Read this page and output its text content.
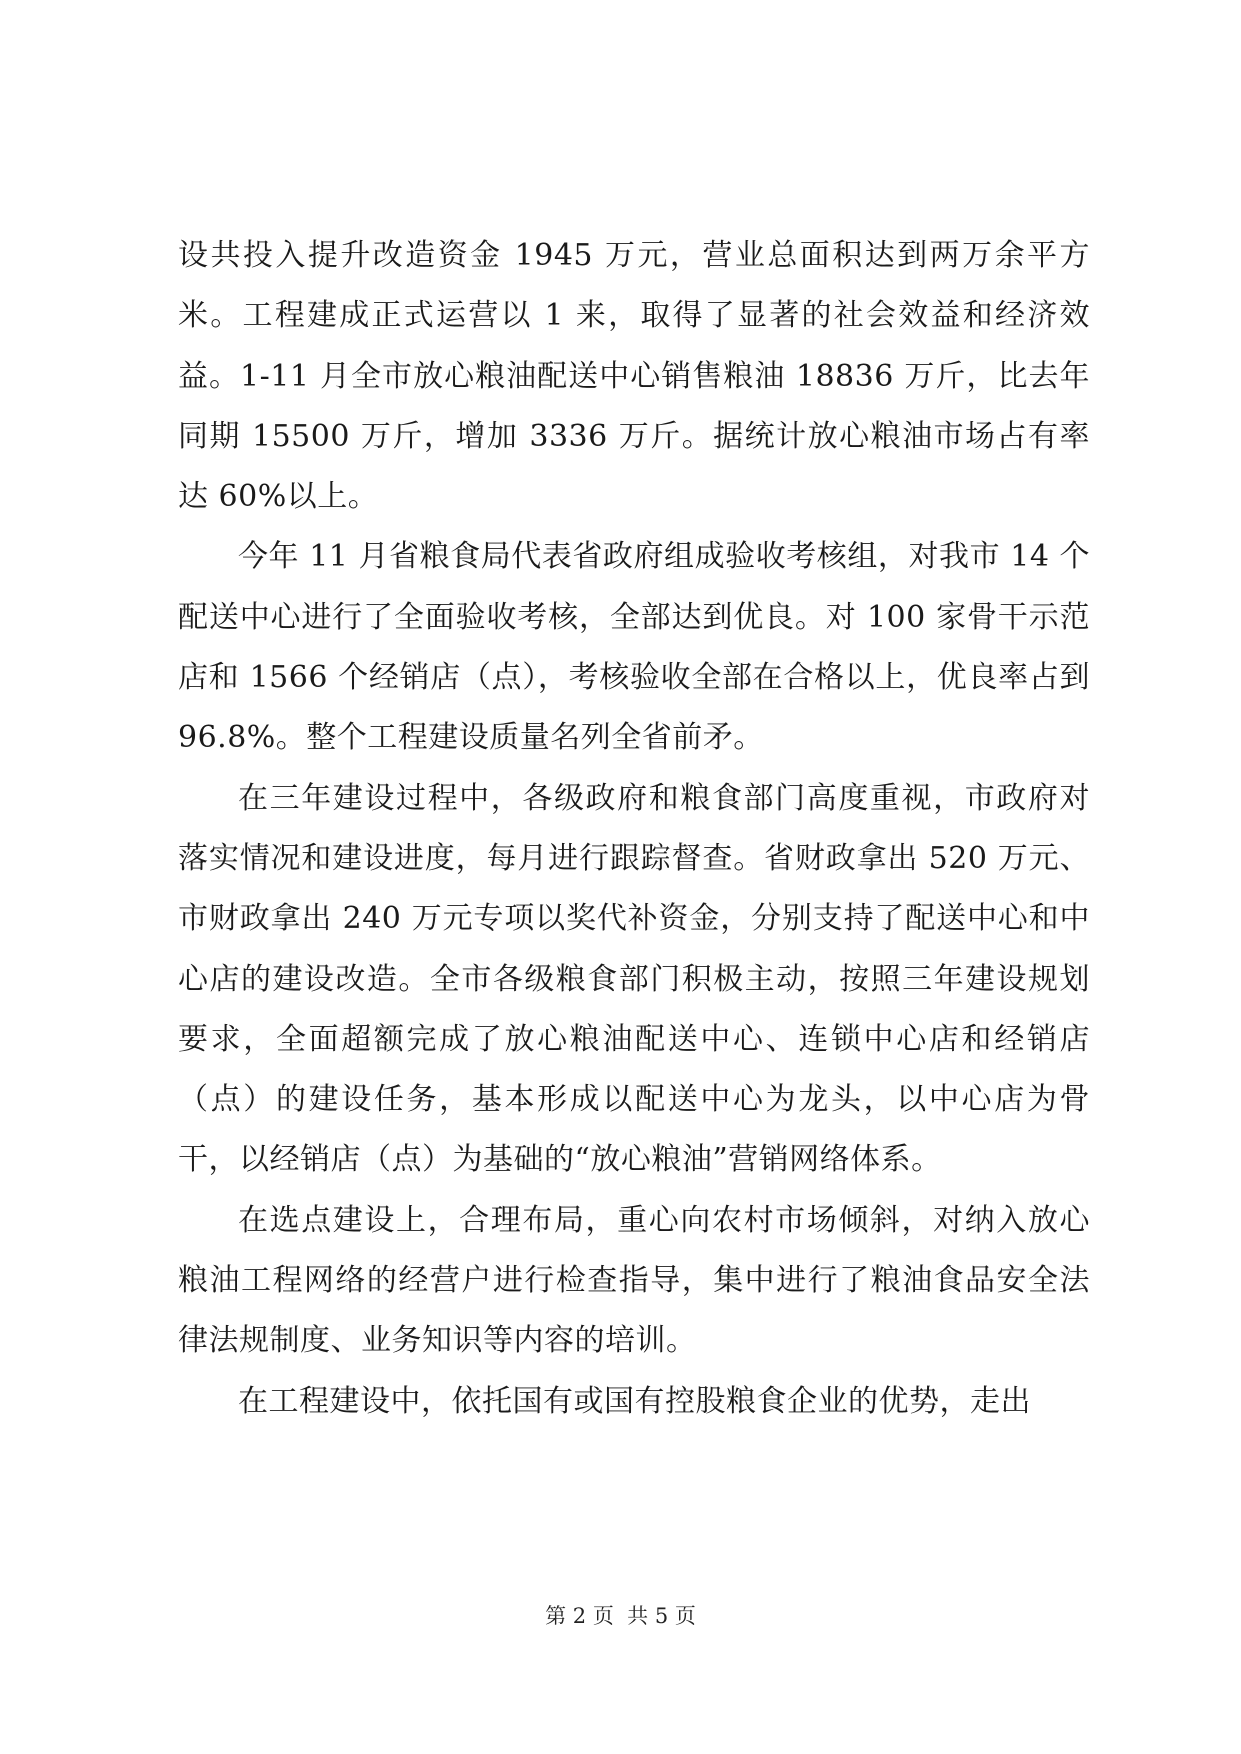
设共投入提升改造资金 1945 万元，营业总面积达到两万余平方米。工程建成正式运营以 1 来，取得了显著的社会效益和经济效益。1-11 月全市放心粮油配送中心销售粮油 18836 万斤，比去年同期 15500 万斤，增加 3336 万斤。据统计放心粮油市场占有率达 60%以上。

今年 11 月省粮食局代表省政府组成验收考核组，对我市 14 个配送中心进行了全面验收考核，全部达到优良。对 100 家骨干示范店和 1566 个经销店（点），考核验收全部在合格以上，优良率占到 96.8%。整个工程建设质量名列全省前矛。

在三年建设过程中，各级政府和粮食部门高度重视，市政府对落实情况和建设进度，每月进行跟踪督查。省财政拿出 520 万元、市财政拿出 240 万元专项以奖代补资金，分别支持了配送中心和中心店的建设改造。全市各级粮食部门积极主动，按照三年建设规划要求，全面超额完成了放心粮油配送中心、连锁中心店和经销店（点）的建设任务，基本形成以配送中心为龙头，以中心店为骨干，以经销店（点）为基础的“放心粮油”营销网络体系。

在选点建设上，合理布局，重心向农村市场倾斜，对纳入放心粮油工程网络的经营户进行检查指导，集中进行了粮油食品安全法律法规制度、业务知识等内容的培训。

在工程建设中，依托国有或国有控股粮食企业的优势，走出

第 2 页  共 5 页
